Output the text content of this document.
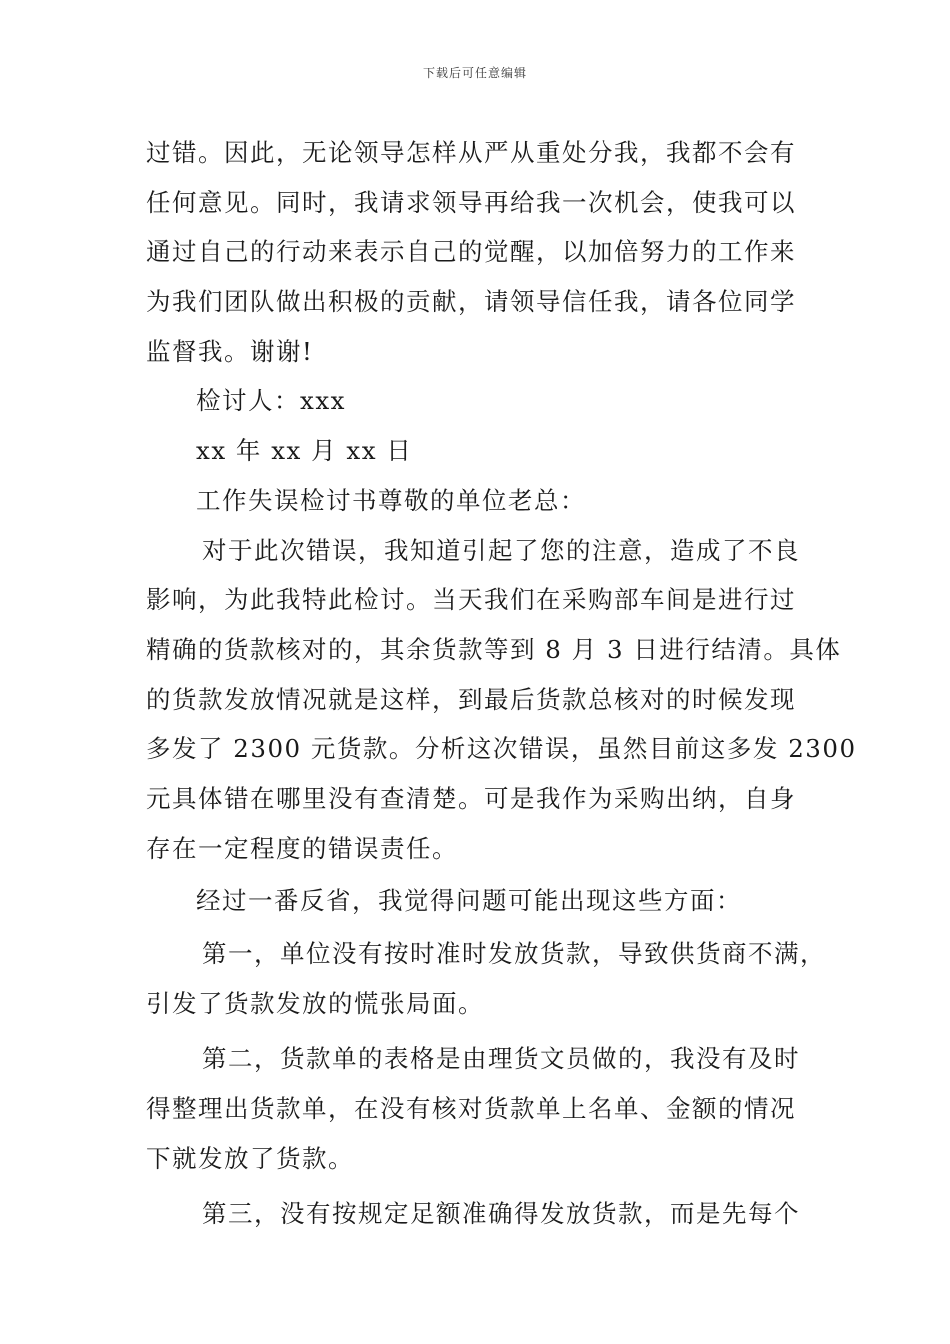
下载后可任意编辑
过错。因此，无论领导怎样从严从重处分我，我都不会有
任何意见。同时，我请求领导再给我一次机会，使我可以
通过自己的行动来表示自己的觉醒，以加倍努力的工作来
为我们团队做出积极的贡献，请领导信任我，请各位同学
监督我。谢谢!
检讨人：xxx
xx 年 xx 月 xx 日
工作失误检讨书尊敬的单位老总：
对于此次错误，我知道引起了您的注意，造成了不良
影响，为此我特此检讨。当天我们在采购部车间是进行过
精确的货款核对的，其余货款等到 8 月 3 日进行结清。具体
的货款发放情况就是这样，到最后货款总核对的时候发现
多发了 2300 元货款。分析这次错误，虽然目前这多发 2300
元具体错在哪里没有查清楚。可是我作为采购出纳，自身
存在一定程度的错误责任。
经过一番反省，我觉得问题可能出现这些方面：
第一，单位没有按时准时发放货款，导致供货商不满，
引发了货款发放的慌张局面。
第二，货款单的表格是由理货文员做的，我没有及时
得整理出货款单，在没有核对货款单上名单、金额的情况
下就发放了货款。
第三，没有按规定足额准确得发放货款，而是先每个
